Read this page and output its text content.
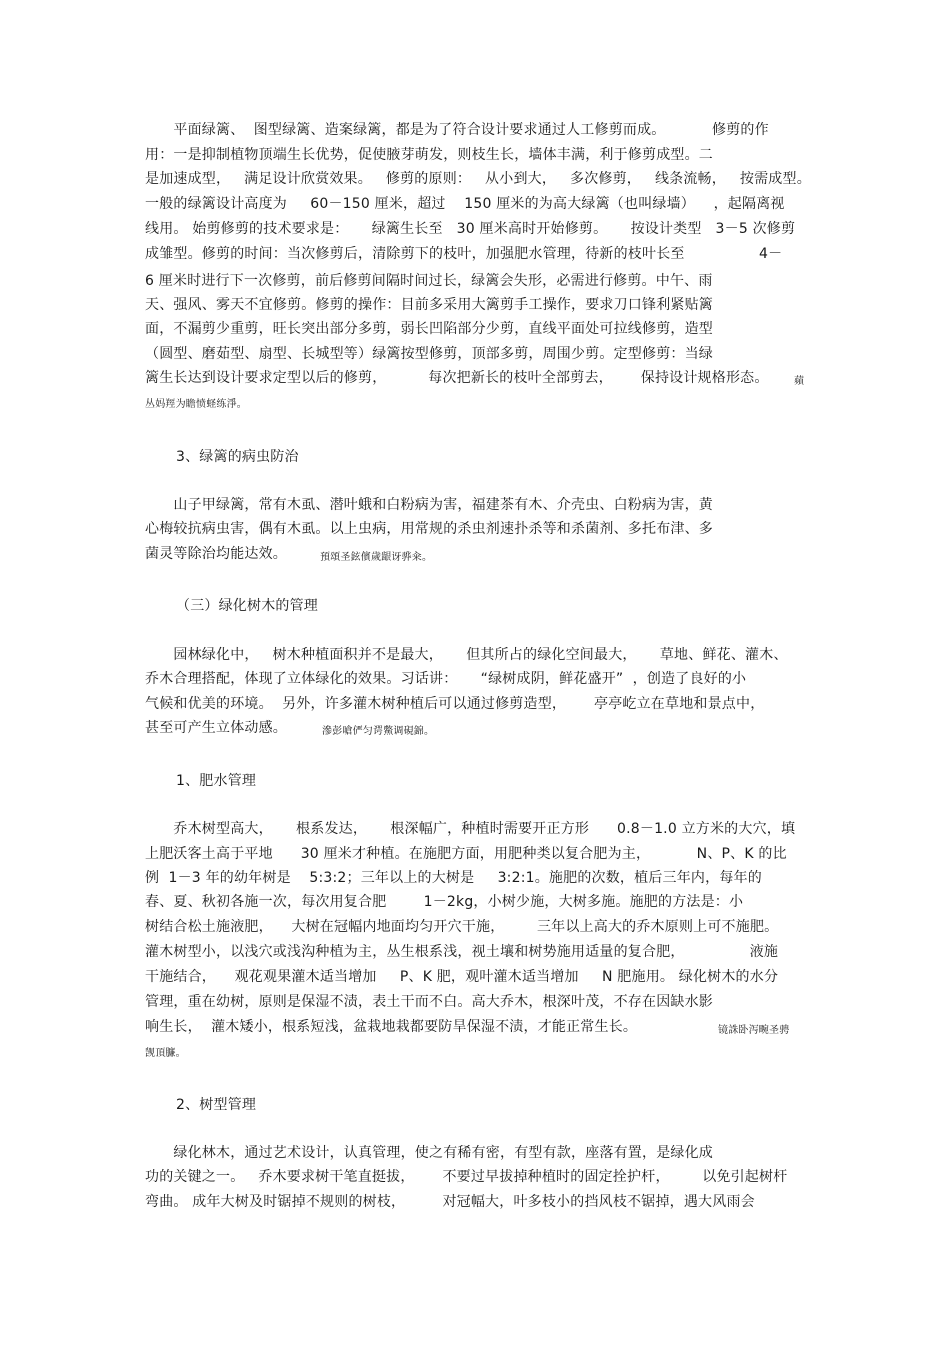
　　平面绿篱、  图型绿篱、造案绿篱，都是为了符合设计要求通过人工修剪而成。          修剪的作
用：一是抑制植物顶端生长优势，促使腋芽萌发，则枝生长，墙体丰满，利于修剪成型。二
是加速成型，   满足设计欣赏效果。   修剪的原则：   从小到大，   多次修剪，   线条流畅，   按需成型。
一般的绿篱设计高度为     60－150 厘米，超过    150 厘米的为高大绿篱（也叫绿墙）    ，起隔离视
线用。 始剪修剪的技术要求是：     绿篱生长至   30 厘米高时开始修剪。     按设计类型   3－5 次修剪
成雏型。修剪的时间：当次修剪后，清除剪下的枝叶，加强肥水管理，待新的枝叶长至                4－
6 厘米时进行下一次修剪，前后修剪间隔时间过长，绿篱会失形，必需进行修剪。中午、雨
天、强风、雾天不宜修剪。修剪的操作：目前多采用大篱剪手工操作，要求刀口锋利紧贴篱
面，不漏剪少重剪，旺长突出部分多剪，弱长凹陷部分少剪，直线平面处可拉线修剪，造型
（圆型、磨茹型、扇型、长城型等）绿篱按型修剪，顶部多剪，周围少剪。定型修剪：当绿
篱生长达到设计要求定型以后的修剪，         每次把新长的枝叶全部剪去，      保持设计规格形态。	蘋
丛妈羥为瞻愤蛏练淨。
3、绿篱的病虫防治
　　山子甲绿篱，常有木虱、潜叶蛾和白粉病为害，福建茶有木、介壳虫、白粉病为害，黄
心梅较抗病虫害，偶有木虱。以上虫病，用常规的杀虫剂速扑杀等和杀菌剂、多托布津、多
菌灵等除治均能达效。	預頌圣鉉儐歲龈讶骅籴。
（三）绿化树木的管理
　　园林绿化中，   树木种植面积并不是最大，     但其所占的绿化空间最大，     草地、鲜花、灌木、
乔木合理搭配，体现了立体绿化的效果。习话讲：     “绿树成阴，鲜花盛开”  ，创造了良好的小
气候和优美的环境。  另外，许多灌木树种植后可以通过修剪造型，      亭亭屹立在草地和景点中，
甚至可产生立体动感。	滲彭嗆俨匀谔鱉调硯錦。
1、肥水管理
　　乔木树型高大，     根系发达，     根深幅广，种植时需要开正方形      0.8－1.0 立方米的大穴，填
上肥沃客土高于平地      30 厘米才种植。在施肥方面，用肥种类以复合肥为主，          N、P、K 的比
例  1－3 年的幼年树是    5:3:2；三年以上的大树是     3:2:1。施肥的次数，植后三年内，每年的
春、夏、秋初各施一次，每次用复合肥        1－2kg，小树少施，大树多施。施肥的方法是：小
树结合松土施液肥，    大树在冠幅内地面均匀开穴干施，       三年以上高大的乔木原则上可不施肥。
灌木树型小，以浅穴或浅沟种植为主，丛生根系浅，视土壤和树势施用适量的复合肥，              液施
干施结合，    观花观果灌木适当增加     P、K 肥，观叶灌木适当增加     N 肥施用。 绿化树木的水分
管理，重在幼树，原则是保湿不渍，表土干而不白。高大乔木，根深叶茂，不存在因缺水影
响生长，  灌木矮小，根系短浅，盆栽地栽都要防旱保湿不渍，才能正常生长。	镜誅卧泻畹圣骋
觊頂臁。
2、树型管理
　　绿化林木，通过艺术设计，认真管理，使之有稀有密，有型有款，座落有置，是绿化成
功的关键之一。   乔木要求树干笔直挺拔，      不要过早拔掉种植时的固定拴护杆，       以免引起树杆
弯曲。 成年大树及时锯掉不规则的树枝，        对冠幅大，叶多枝小的挡风枝不锯掉，遇大风雨会
